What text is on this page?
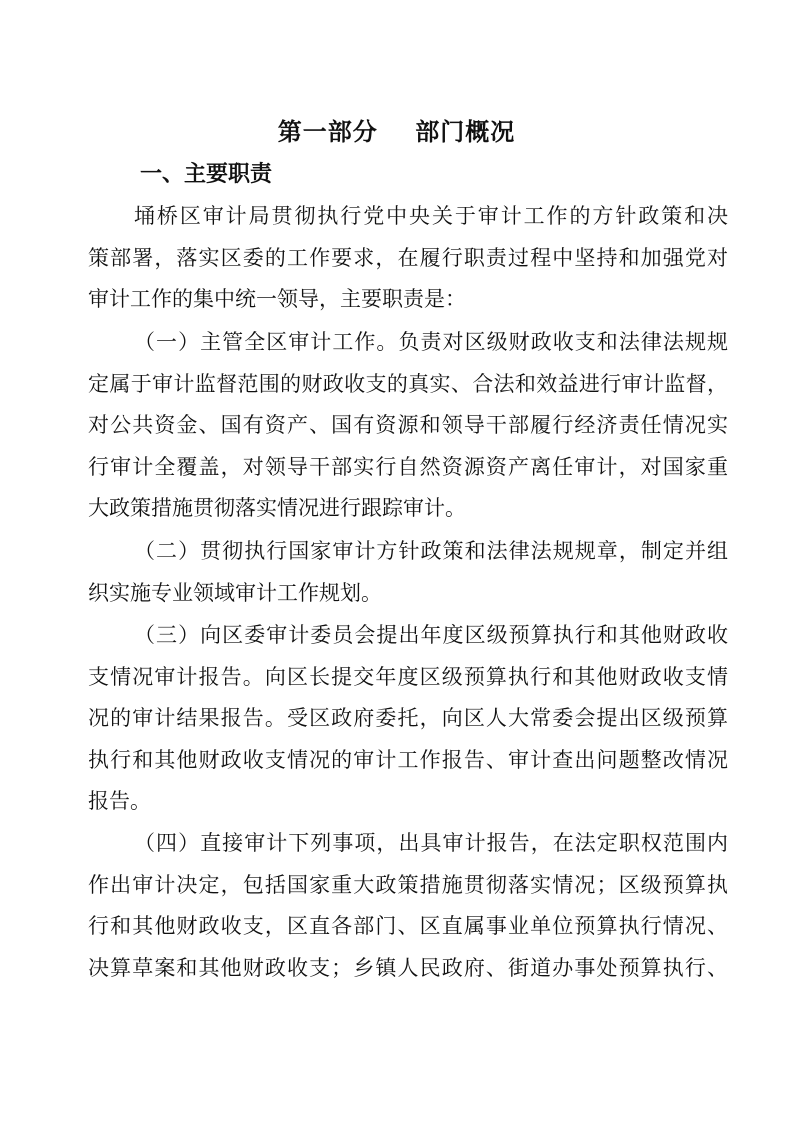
第一部分    部门概况
一、主要职责
埇桥区审计局贯彻执行党中央关于审计工作的方针政策和决
策部署，落实区委的工作要求，在履行职责过程中坚持和加强党对
审计工作的集中统一领导，主要职责是：
（一）主管全区审计工作。负责对区级财政收支和法律法规规
定属于审计监督范围的财政收支的真实、合法和效益进行审计监督，
对公共资金、国有资产、国有资源和领导干部履行经济责任情况实
行审计全覆盖，对领导干部实行自然资源资产离任审计，对国家重
大政策措施贯彻落实情况进行跟踪审计。
（二）贯彻执行国家审计方针政策和法律法规规章，制定并组
织实施专业领域审计工作规划。
（三）向区委审计委员会提出年度区级预算执行和其他财政收
支情况审计报告。向区长提交年度区级预算执行和其他财政收支情
况的审计结果报告。受区政府委托，向区人大常委会提出区级预算
执行和其他财政收支情况的审计工作报告、审计查出问题整改情况
报告。
（四）直接审计下列事项，出具审计报告，在法定职权范围内
作出审计决定，包括国家重大政策措施贯彻落实情况；区级预算执
行和其他财政收支，区直各部门、区直属事业单位预算执行情况、
决算草案和其他财政收支；乡镇人民政府、街道办事处预算执行、
